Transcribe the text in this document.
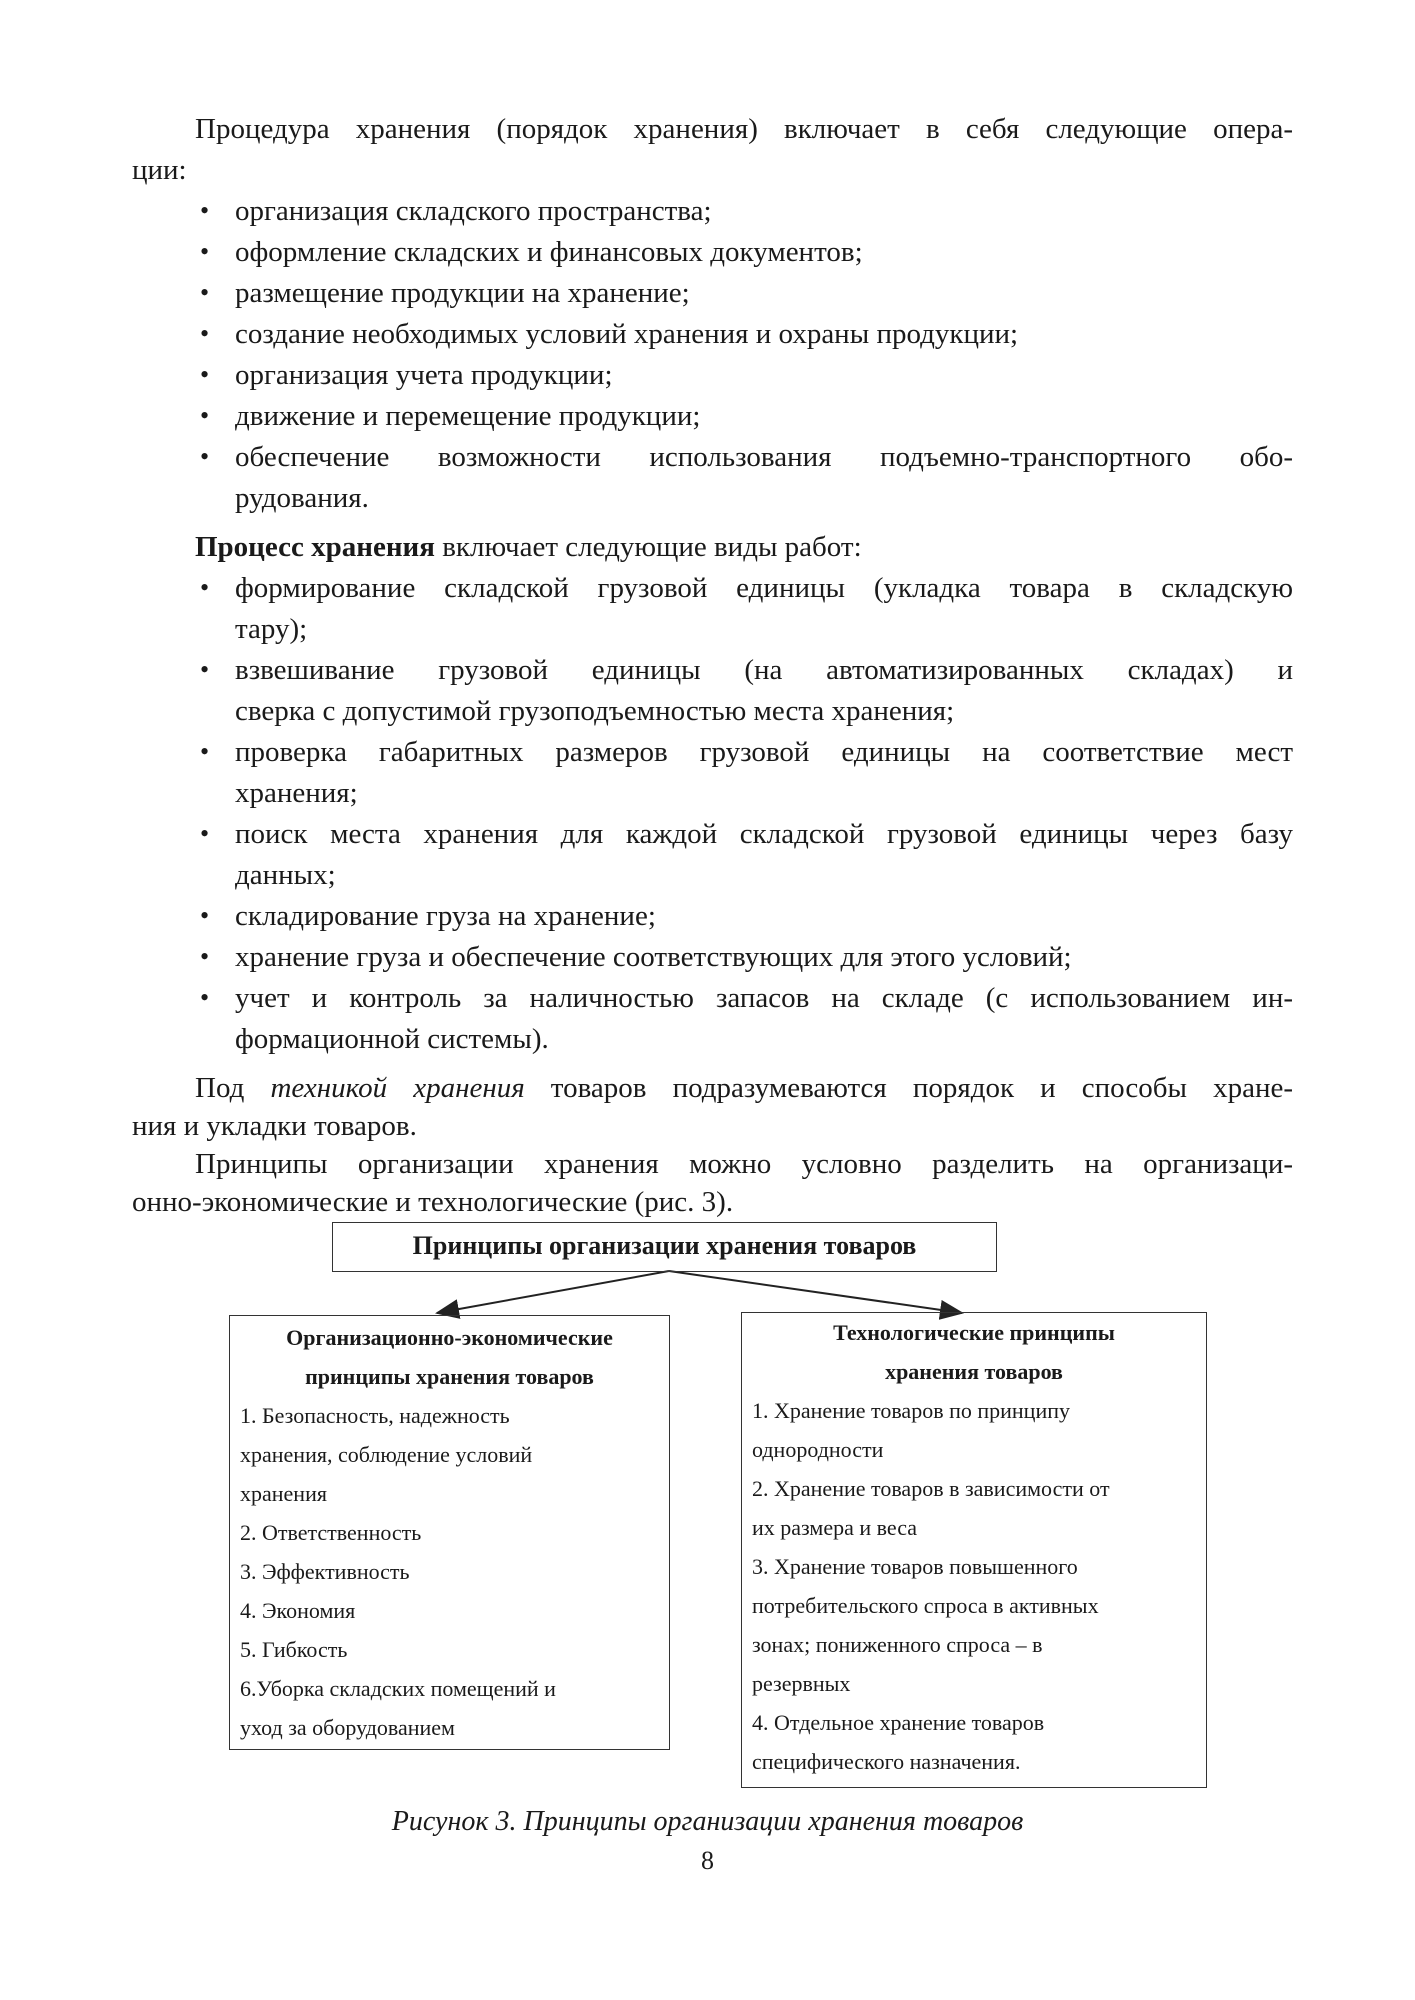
Процедура хранения (порядок хранения) включает в себя следующие опера-
ции:
• организация складского пространства;
• оформление складских и финансовых документов;
• размещение продукции на хранение;
• создание необходимых условий хранения и охраны продукции;
• организация учета продукции;
• движение и перемещение продукции;
• обеспечение возможности использования подъемно-транспортного обо-
рудования.
Процесс хранения включает следующие виды работ:
• формирование складской грузовой единицы (укладка товара в складскую
тару);
• взвешивание грузовой единицы (на автоматизированных складах) и
сверка с допустимой грузоподъемностью места хранения;
• проверка габаритных размеров грузовой единицы на соответствие мест
хранения;
• поиск места хранения для каждой складской грузовой единицы через базу
данных;
• складирование груза на хранение;
• хранение груза и обеспечение соответствующих для этого условий;
• учет и контроль за наличностью запасов на складе (с использованием ин-
формационной системы).
Под техникой хранения товаров подразумеваются порядок и способы хране-
ния и укладки товаров.
Принципы организации хранения можно условно разделить на организаци-
онно-экономические и технологические (рис. 3).
Принципы организации хранения товаров
Организационно-экономические
принципы хранения товаров
1. Безопасность, надежность
хранения, соблюдение условий
хранения
2. Ответственность
3. Эффективность
4. Экономия
5. Гибкость
6.Уборка складских помещений и
уход за оборудованием
Технологические принципы
хранения товаров
1. Хранение товаров по принципу
однородности
2. Хранение товаров в зависимости от
их размера и веса
3. Хранение товаров повышенного
потребительского спроса в активных
зонах; пониженного спроса – в
резервных
4. Отдельное хранение товаров
специфического назначения.
Рисунок 3. Принципы организации хранения товаров
8
